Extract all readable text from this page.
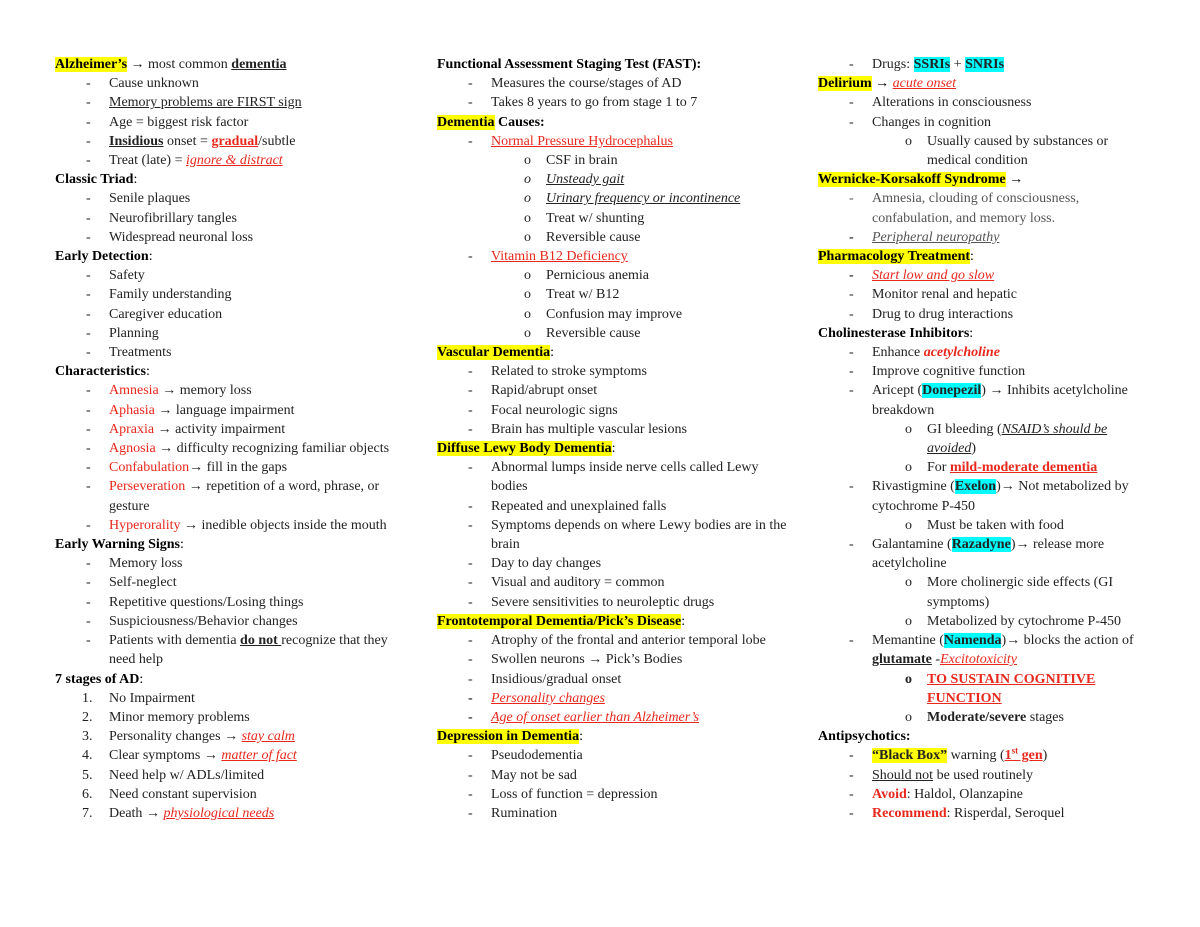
Alzheimer’s → most common dementia
- Cause unknown
- Memory problems are FIRST sign
- Age = biggest risk factor
- Insidious onset = gradual/subtle
- Treat (late) = ignore & distract
Classic Triad:
- Senile plaques
- Neurofibrillary tangles
- Widespread neuronal loss
Early Detection:
- Safety
- Family understanding
- Caregiver education
- Planning
- Treatments
Characteristics:
- Amnesia → memory loss
- Aphasia → language impairment
- Apraxia → activity impairment
- Agnosia → difficulty recognizing familiar objects
- Confabulation→ fill in the gaps
- Perseveration → repetition of a word, phrase, or gesture
- Hyperorality → inedible objects inside the mouth
Early Warning Signs:
- Memory loss
- Self-neglect
- Repetitive questions/Losing things
- Suspiciousness/Behavior changes
- Patients with dementia do not recognize that they need help
7 stages of AD:
1. No Impairment
2. Minor memory problems
3. Personality changes → stay calm
4. Clear symptoms → matter of fact
5. Need help w/ ADLs/limited
6. Need constant supervision
7. Death → physiological needs
Functional Assessment Staging Test (FAST):
- Measures the course/stages of AD
- Takes 8 years to go from stage 1 to 7
Dementia Causes:
- Normal Pressure Hydrocephalus
o CSF in brain
o Unsteady gait
o Urinary frequency or incontinence
o Treat w/ shunting
o Reversible cause
- Vitamin B12 Deficiency
o Pernicious anemia
o Treat w/ B12
o Confusion may improve
o Reversible cause
Vascular Dementia:
- Related to stroke symptoms
- Rapid/abrupt onset
- Focal neurologic signs
- Brain has multiple vascular lesions
Diffuse Lewy Body Dementia:
- Abnormal lumps inside nerve cells called Lewy bodies
- Repeated and unexplained falls
- Symptoms depends on where Lewy bodies are in the brain
- Day to day changes
- Visual and auditory = common
- Severe sensitivities to neuroleptic drugs
Frontotemporal Dementia/Pick’s Disease:
- Atrophy of the frontal and anterior temporal lobe
- Swollen neurons → Pick’s Bodies
- Insidious/gradual onset
- Personality changes
- Age of onset earlier than Alzheimer’s
Depression in Dementia:
- Pseudodementia
- May not be sad
- Loss of function = depression
- Rumination
- Drugs: SSRIs + SNRIs
Delirium → acute onset
- Alterations in consciousness
- Changes in cognition
o Usually caused by substances or medical condition
Wernicke-Korsakoff Syndrome →
- Amnesia, clouding of consciousness, confabulation, and memory loss.
- Peripheral neuropathy
Pharmacology Treatment:
- Start low and go slow
- Monitor renal and hepatic
- Drug to drug interactions
Cholinesterase Inhibitors:
- Enhance acetylcholine
- Improve cognitive function
- Aricept (Donepezil) → Inhibits acetylcholine breakdown
o GI bleeding (NSAID’s should be avoided)
o For mild-moderate dementia
- Rivastigmine (Exelon)→ Not metabolized by cytochrome P-450
o Must be taken with food
- Galantamine (Razadyne)→ release more acetylcholine
o More cholinergic side effects (GI symptoms)
o Metabolized by cytochrome P-450
- Memantine (Namenda)→ blocks the action of glutamate -Excitotoxicity
o TO SUSTAIN COGNITIVE FUNCTION
o Moderate/severe stages
Antipsychotics:
- “Black Box” warning (1st gen)
- Should not be used routinely
- Avoid: Haldol, Olanzapine
- Recommend: Risperdal, Seroquel
